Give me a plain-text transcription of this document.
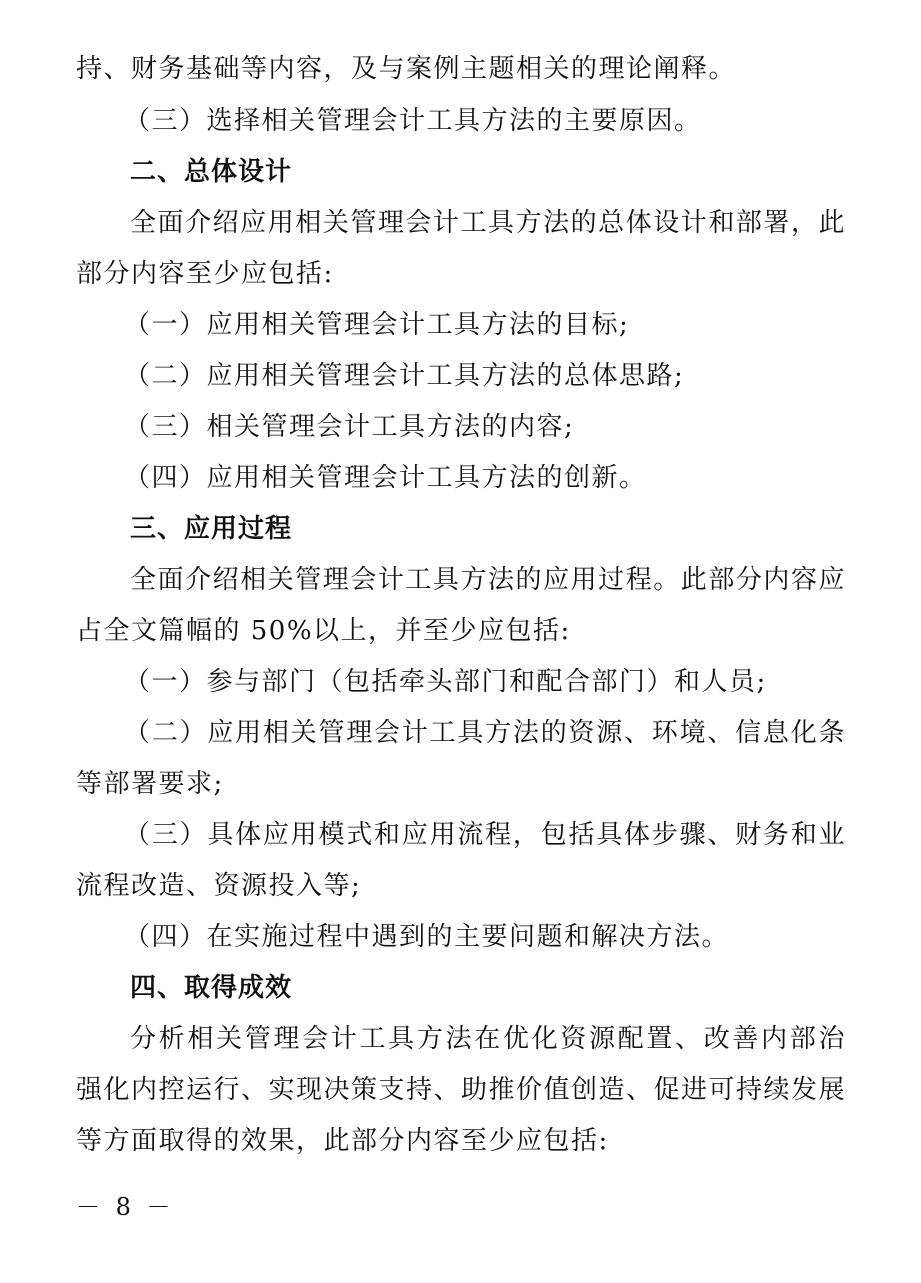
持、财务基础等内容，及与案例主题相关的理论阐释。
（三）选择相关管理会计工具方法的主要原因。
二、总体设计
全面介绍应用相关管理会计工具方法的总体设计和部署，此
部分内容至少应包括:
（一）应用相关管理会计工具方法的目标;
（二）应用相关管理会计工具方法的总体思路;
（三）相关管理会计工具方法的内容;
（四）应用相关管理会计工具方法的创新。
三、应用过程
全面介绍相关管理会计工具方法的应用过程。此部分内容应
占全文篇幅的 50%以上，并至少应包括:
（一）参与部门（包括牵头部门和配合部门）和人员;
（二）应用相关管理会计工具方法的资源、环境、信息化条
等部署要求;
（三）具体应用模式和应用流程，包括具体步骤、财务和业
流程改造、资源投入等;
（四）在实施过程中遇到的主要问题和解决方法。
四、取得成效
分析相关管理会计工具方法在优化资源配置、改善内部治
强化内控运行、实现决策支持、助推价值创造、促进可持续发展
等方面取得的效果，此部分内容至少应包括:
－ 8 －
